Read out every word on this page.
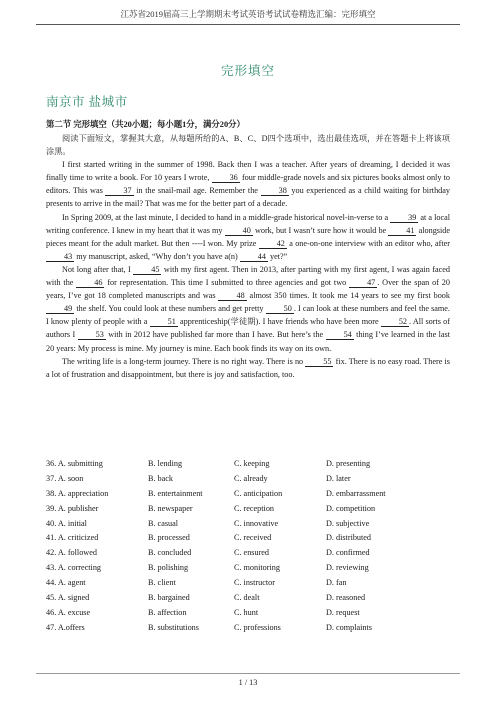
江苏省2019届高三上学期期末考试英语考试试卷精选汇编：完形填空
完形填空
南京市 盐城市
第二节 完形填空（共20小题；每小题1分，满分20分）

阅读下面短文，掌握其大意，从每题所给的A、B、C、D四个选项中，选出最佳选项，并在答题卡上将该项涂黑。

I first started writing in the summer of 1998. Back then I was a teacher. After years of dreaming, I decided it was finally time to write a book. For 10 years I wrote, 36 four middle-grade novels and six pictures books almost only to editors. This was 37 in the snail-mail age. Remember the 38 you experienced as a child waiting for birthday presents to arrive in the mail? That was me for the better part of a decade.

In Spring 2009, at the last minute, I decided to hand in a middle-grade historical novel-in-verse to a 39 at a local writing conference. I knew in my heart that it was my 40 work, but I wasn’t sure how it would be 41 alongside pieces meant for the adult market. But then ----I won. My prize 42 a one-on-one interview with an editor who, after 43 my manuscript, asked, “Why don’t you have a(n) 44 yet?”

Not long after that, I 45 with my first agent. Then in 2013, after parting with my first agent, I was again faced with the 46 for representation. This time I submitted to three agencies and got two 47 . Over the span of 20 years, I’ve got 18 completed manuscripts and was 48 almost 350 times. It took me 14 years to see my first book 49 the shelf. You could look at these numbers and get pretty 50 . I can look at these numbers and feel the same. I know plenty of people with a 51 apprenticeship(学徒期). I have friends who have been more 52 . All sorts of authors I 53 with in 2012 have published far more than I have. But here’s the 54 thing I’ve learned in the last 20 years: My process is mine. My journey is mine. Each book finds its way on its own.

The writing life is a long-term journey. There is no right way. There is no 55 fix. There is no easy road. There is a lot of frustration and disappointment, but there is joy and satisfaction, too.

36. A. submitting	B. lending	C. keeping	D. presenting
37. A. soon	B. back	C. already	D. later
38. A. appreciation	B. entertainment	C. anticipation	D. embarrassment
39. A. publisher	B. newspaper	C. reception	D. competition
40. A. initial	B. casual	C. innovative	D. subjective
41. A. criticized	B. processed	C. received	D. distributed
42. A. followed	B. concluded	C. ensured	D. confirmed
43. A. correcting	B. polishing	C. monitoring	D. reviewing
44. A. agent	B. client	C. instructor	D. fan
45. A. signed	B. bargained	C. dealt	D. reasoned
46. A. excuse	B. affection	C. hunt	D. request
47. A.offers	B. substitutions	C. professions	D. complaints
1 / 13
